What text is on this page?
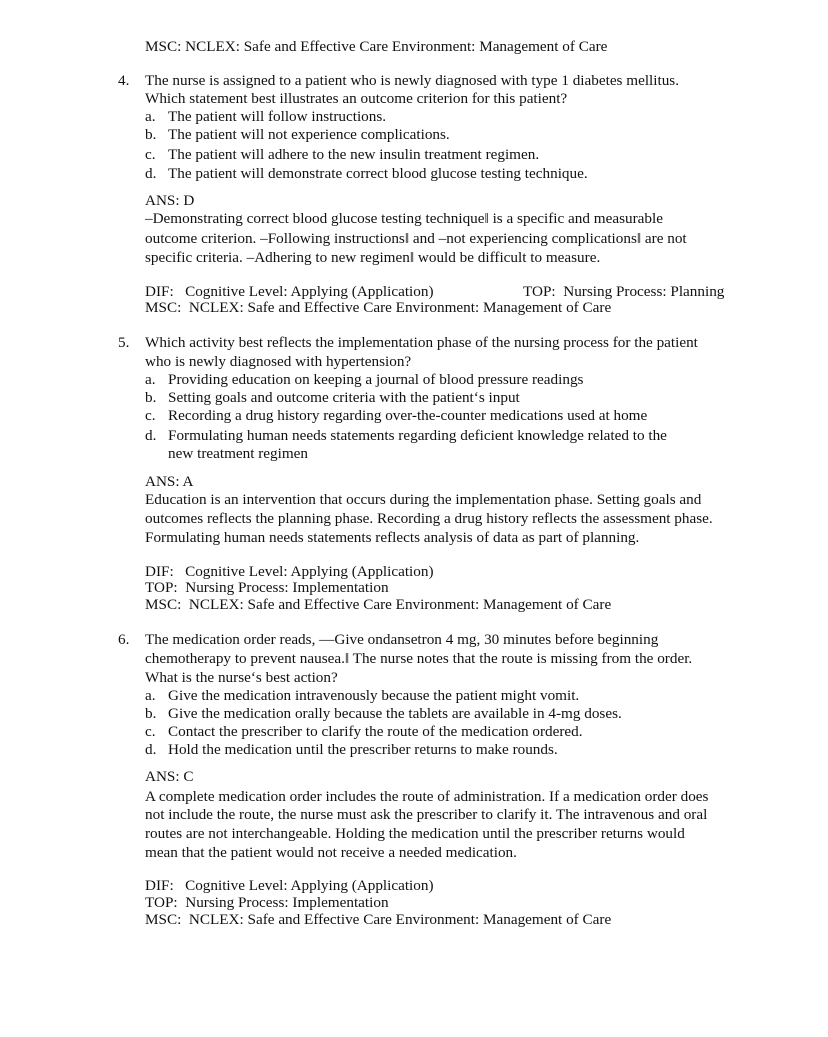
MSC: NCLEX: Safe and Effective Care Environment: Management of Care
4. The nurse is assigned to a patient who is newly diagnosed with type 1 diabetes mellitus.
Which statement best illustrates an outcome criterion for this patient?
a. The patient will follow instructions.
b. The patient will not experience complications.
c. The patient will adhere to the new insulin treatment regimen.
d. The patient will demonstrate correct blood glucose testing technique.
ANS: D
–Demonstrating correct blood glucose testing technique‖ is a specific and measurable
outcome criterion. –Following instructions‖ and –not experiencing complications‖ are not
specific criteria. –Adhering to new regimen‖ would be difficult to measure.
DIF:   Cognitive Level: Applying (Application)	TOP:  Nursing Process: Planning
MSC:  NCLEX: Safe and Effective Care Environment: Management of Care
5. Which activity best reflects the implementation phase of the nursing process for the patient
who is newly diagnosed with hypertension?
a. Providing education on keeping a journal of blood pressure readings
b. Setting goals and outcome criteria with the patient‘s input
c. Recording a drug history regarding over-the-counter medications used at home
d. Formulating human needs statements regarding deficient knowledge related to the
new treatment regimen
ANS: A
Education is an intervention that occurs during the implementation phase. Setting goals and
outcomes reflects the planning phase. Recording a drug history reflects the assessment phase.
Formulating human needs statements reflects analysis of data as part of planning.
DIF:   Cognitive Level: Applying (Application)
TOP:  Nursing Process: Implementation
MSC:  NCLEX: Safe and Effective Care Environment: Management of Care
6. The medication order reads, —Give ondansetron 4 mg, 30 minutes before beginning
chemotherapy to prevent nausea.‖ The nurse notes that the route is missing from the order.
What is the nurse‘s best action?
a. Give the medication intravenously because the patient might vomit.
b. Give the medication orally because the tablets are available in 4-mg doses.
c. Contact the prescriber to clarify the route of the medication ordered.
d. Hold the medication until the prescriber returns to make rounds.
ANS: C
A complete medication order includes the route of administration. If a medication order does
not include the route, the nurse must ask the prescriber to clarify it. The intravenous and oral
routes are not interchangeable. Holding the medication until the prescriber returns would
mean that the patient would not receive a needed medication.
DIF:   Cognitive Level: Applying (Application)
TOP:  Nursing Process: Implementation
MSC:  NCLEX: Safe and Effective Care Environment: Management of Care
